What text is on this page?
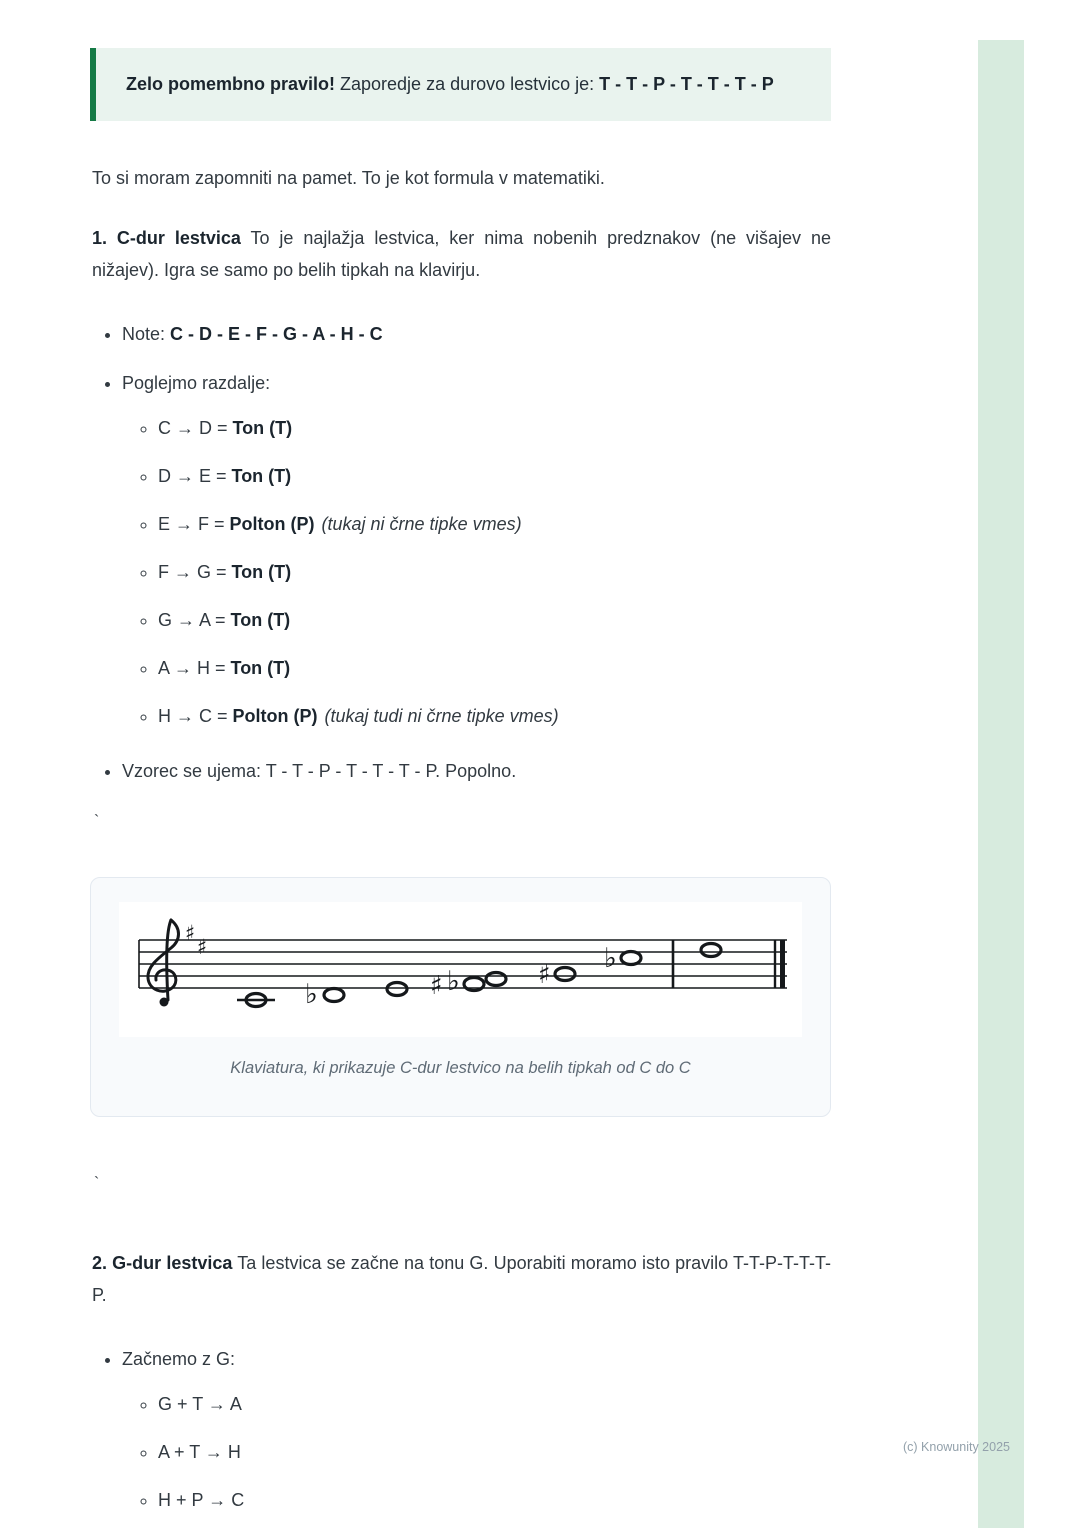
Zelo pomembno pravilo! Zaporedje za durovo lestvico je: T - T - P - T - T - T - P

To si moram zapomniti na pamet. To je kot formula v matematiki.

1. C-dur lestvica To je najlažja lestvica, ker nima nobenih predznakov (ne višajev ne nižajev). Igra se samo po belih tipkah na klavirju.

• Note: C - D - E - F - G - A - H - C
• Poglejmo razdalje:
◦ C → D = Ton (T)
◦ D → E = Ton (T)
◦ E → F = Polton (P) (tukaj ni črne tipke vmes)
◦ F → G = Ton (T)
◦ G → A = Ton (T)
◦ A → H = Ton (T)
◦ H → C = Polton (P) (tukaj tudi ni črne tipke vmes)
• Vzorec se ujema: T - T - P - T - T - T - P. Popolno.
`
♯
♯
♭	♯ ♭	♯
♭
Klaviatura, ki prikazuje C-dur lestvico na belih tipkah od C do C
`

2. G-dur lestvica Ta lestvica se začne na tonu G. Uporabiti moramo isto pravilo T-T-P-T-T-T-P.

• Začnemo z G:
◦ G + T → A
◦ A + T → H
◦ H + P → C
(c) Knowunity 2025
